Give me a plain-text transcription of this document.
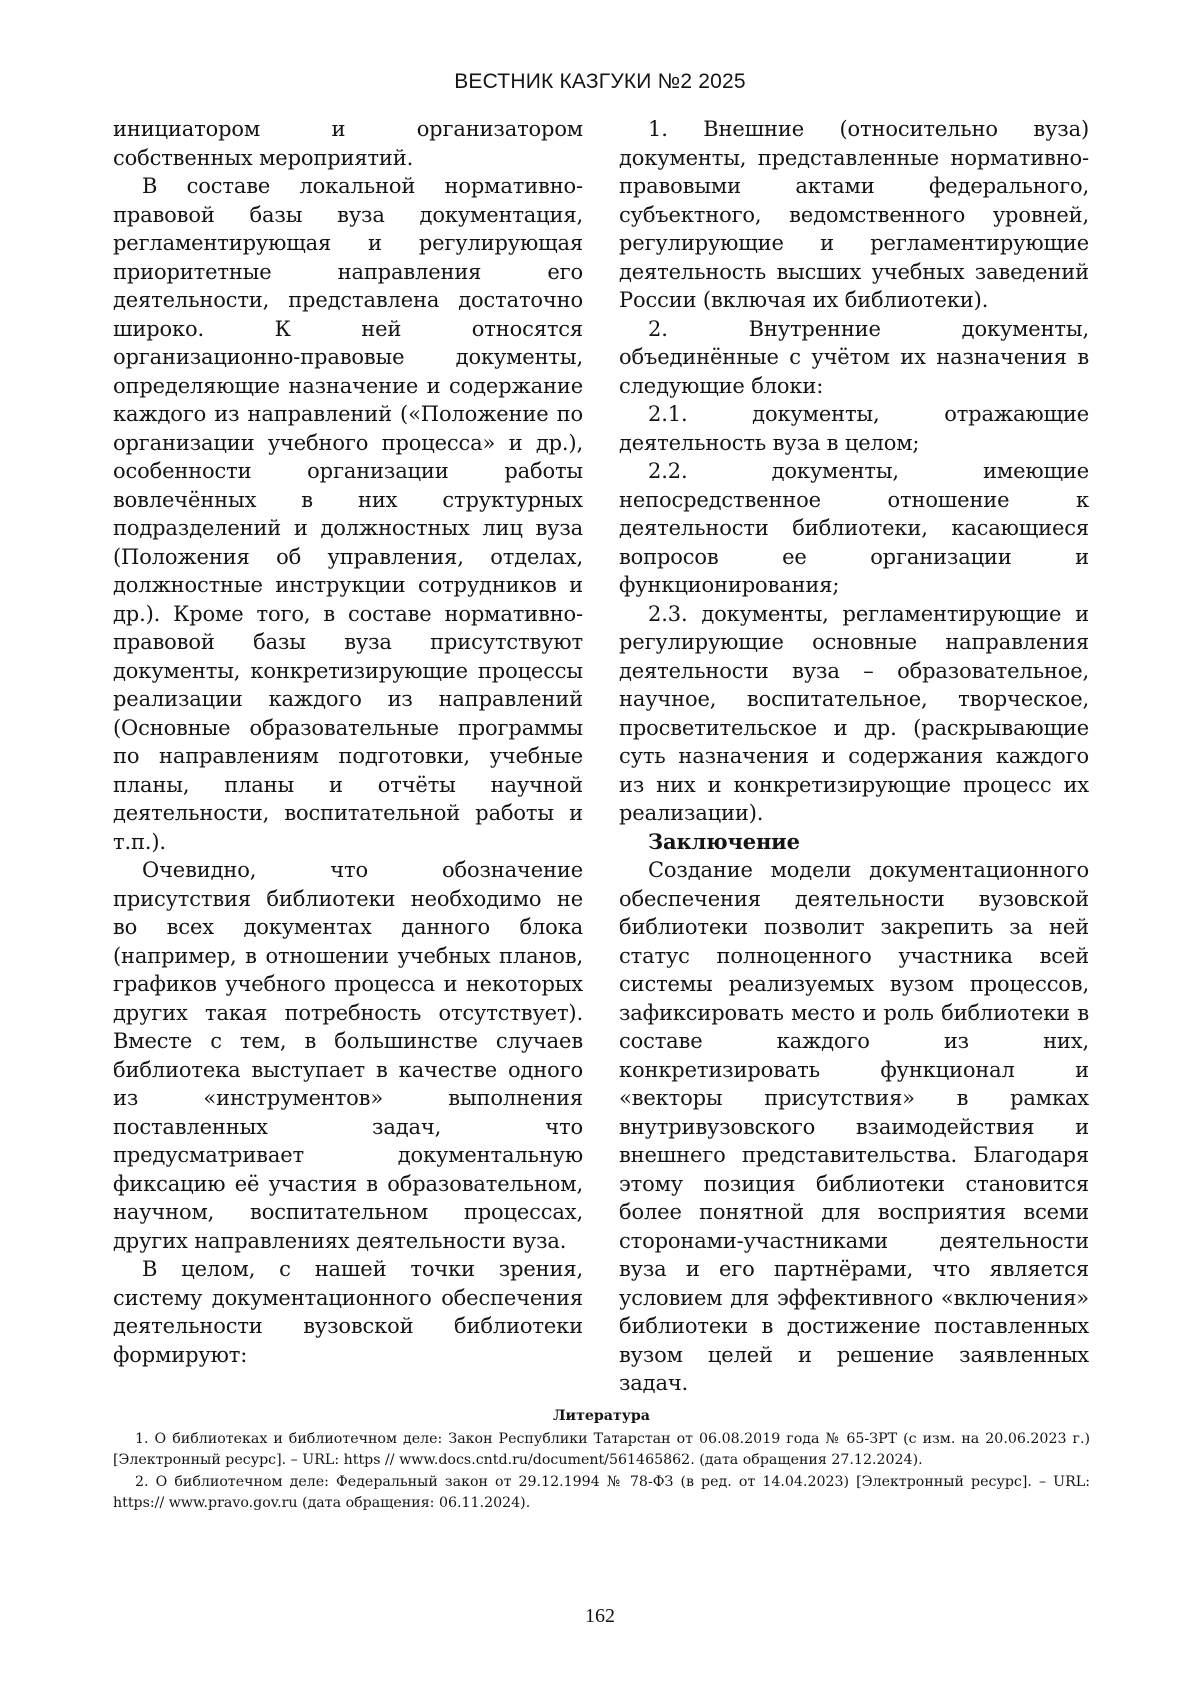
ВЕСТНИК КАЗГУКИ №2 2025

инициатором и организатором собственных мероприятий.

В составе локальной нормативно-правовой базы вуза документация, регламентирующая и регулирующая приоритетные направления его деятельности, представлена достаточно широко. К ней относятся организационно-правовые документы, определяющие назначение и содержание каждого из направлений («Положение по организации учебного процесса» и др.), особенности организации работы вовлечённых в них структурных подразделений и должностных лиц вуза (Положения об управления, отделах, должностные инструкции сотрудников и др.). Кроме того, в составе нормативно-правовой базы вуза присутствуют документы, конкретизирующие процессы реализации каждого из направлений (Основные образовательные программы по направлениям подготовки, учебные планы, планы и отчёты научной деятельности, воспитательной работы и т.п.).

Очевидно, что обозначение присутствия библиотеки необходимо не во всех документах данного блока (например, в отношении учебных планов, графиков учебного процесса и некоторых других такая потребность отсутствует). Вместе с тем, в большинстве случаев библиотека выступает в качестве одного из «инструментов» выполнения поставленных задач, что предусматривает документальную фиксацию её участия в образовательном, научном, воспитательном процессах, других направлениях деятельности вуза.

В целом, с нашей точки зрения, систему документационного обеспечения деятельности вузовской библиотеки формируют:

1. Внешние (относительно вуза) документы, представленные нормативно-правовыми актами федерального, субъектного, ведомственного уровней, регулирующие и регламентирующие деятельность высших учебных заведений России (включая их библиотеки).

2. Внутренние документы, объединённые с учётом их назначения в следующие блоки:

2.1. документы, отражающие деятельность вуза в целом;

2.2. документы, имеющие непосредственное отношение к деятельности библиотеки, касающиеся вопросов ее организации и функционирования;

2.3. документы, регламентирующие и регулирующие основные направления деятельности вуза – образовательное, научное, воспитательное, творческое, просветительское и др. (раскрывающие суть назначения и содержания каждого из них и конкретизирующие процесс их реализации).

Заключение

Создание модели документационного обеспечения деятельности вузовской библиотеки позволит закрепить за ней статус полноценного участника всей системы реализуемых вузом процессов, зафиксировать место и роль библиотеки в составе каждого из них, конкретизировать функционал и «векторы присутствия» в рамках внутривузовского взаимодействия и внешнего представительства. Благодаря этому позиция библиотеки становится более понятной для восприятия всеми сторонами-участниками деятельности вуза и его партнёрами, что является условием для эффективного «включения» библиотеки в достижение поставленных вузом целей и решение заявленных задач.

Литература

1. О библиотеках и библиотечном деле: Закон Республики Татарстан от 06.08.2019 года № 65-ЗРТ (с изм. на 20.06.2023 г.) [Электронный ресурс]. – URL: https // www.docs.cntd.ru/document/561465862. (дата обращения 27.12.2024).

2. О библиотечном деле: Федеральный закон от 29.12.1994 № 78-ФЗ (в ред. от 14.04.2023) [Электронный ресурс]. – URL: https:// www.pravo.gov.ru (дата обращения: 06.11.2024).

162
